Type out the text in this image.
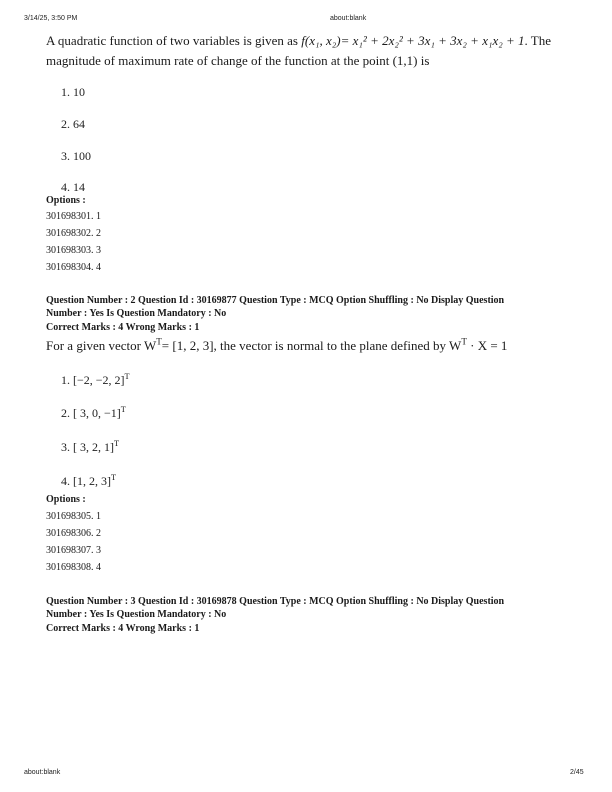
3/14/25, 3:50 PM	about:blank
A quadratic function of two variables is given as f(x₁, x₂)= x₁² + 2x₂² + 3x₁ + 3x₂ + x₁x₂ + 1. The
magnitude of maximum rate of change of the function at the point (1,1) is
1. 10
2. 64
3. 100
4. 14
Options :
301698301. 1
301698302. 2
301698303. 3
301698304. 4
Question Number : 2 Question Id : 30169877 Question Type : MCQ Option Shuffling : No Display Question
Number : Yes Is Question Mandatory : No
Correct Marks : 4 Wrong Marks : 1
For a given vector $W^T= [1$, 2, 3], the vector is normal to the plane defined by $W^T \cdot X = 1$
1. [−2, −2, 2]$^T$
2. [ 3, 0, −1]$^T$
3. [ 3, 2, 1]$^T$
4. [1, 2, 3]$^T$
Options :
301698305. 1
301698306. 2
301698307. 3
301698308. 4
Question Number : 3 Question Id : 30169878 Question Type : MCQ Option Shuffling : No Display Question
Number : Yes Is Question Mandatory : No
Correct Marks : 4 Wrong Marks : 1
about:blank	2/45
